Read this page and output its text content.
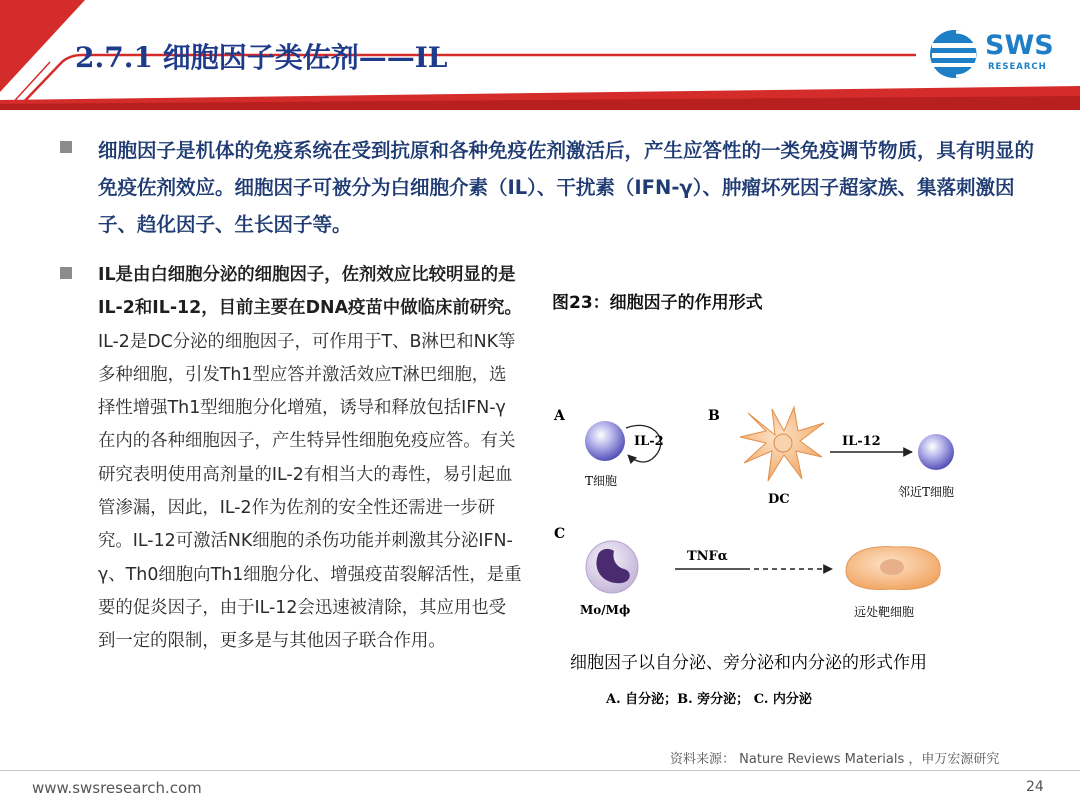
2.7.1 细胞因子类佐剂——IL	SWS
RESEARCH
细胞因子是机体的免疫系统在受到抗原和各种免疫佐剂激活后，产生应答性的一类免疫调节物质，具有明显的免疫佐剂效应。细胞因子可被分为白细胞介素（IL）、干扰素（IFN-γ）、肿瘤坏死因子超家族、集落刺激因子、趋化因子、生长因子等。
IL是由白细胞分泌的细胞因子，佐剂效应比较明显的是IL-2和IL-12，目前主要在DNA疫苗中做临床前研究。IL-2是DC分泌的细胞因子，可作用于T、B淋巴和NK等多种细胞，引发Th1型应答并激活效应T淋巴细胞，选择性增强Th1型细胞分化增殖，诱导和释放包括IFN-γ在内的各种细胞因子，产生特异性细胞免疫应答。有关研究表明使用高剂量的IL-2有相当大的毒性，易引起血管渗漏，因此，IL-2作为佐剂的安全性还需进一步研究。IL-12可激活NK细胞的杀伤功能并刺激其分泌IFN-γ、Th0细胞向Th1细胞分化、增强疫苗裂解活性，是重要的促炎因子，由于IL-12会迅速被清除，其应用也受到一定的限制，更多是与其他因子联合作用。
图23：细胞因子的作用形式
A
IL-2
T细胞
B
DC
IL-12
邻近T细胞
C
Mo/Mϕ
TNFα
远处靶细胞
细胞因子以自分泌、旁分泌和内分泌的形式作用
A. 自分泌；B. 旁分泌； C. 内分泌
资料来源： Nature Reviews Materials ，申万宏源研究
www.swsresearch.com	24
